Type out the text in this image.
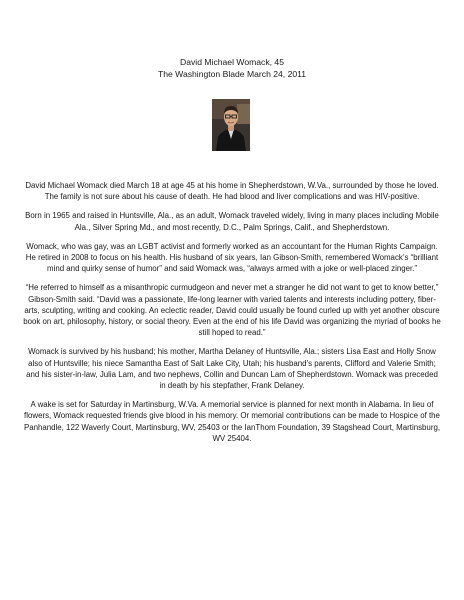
David Michael Womack, 45
The Washington Blade March 24, 2011

David Michael Womack died March 18 at age 45 at his home in Shepherdstown, W.Va., surrounded by those he loved. The family is not sure about his cause of death. He had blood and liver complications and was HIV-positive.

Born in 1965 and raised in Huntsville, Ala., as an adult, Womack traveled widely, living in many places including Mobile Ala., Silver Spring Md., and most recently, D.C., Palm Springs, Calif., and Shepherdstown.

Womack, who was gay, was an LGBT activist and formerly worked as an accountant for the Human Rights Campaign. He retired in 2008 to focus on his health. His husband of six years, Ian Gibson-Smith, remembered Womack’s “brilliant mind and quirky sense of humor” and said Womack was, “always armed with a joke or well-placed zinger.”

“He referred to himself as a misanthropic curmudgeon and never met a stranger he did not want to get to know better,” Gibson-Smith said. “David was a passionate, life-long learner with varied talents and interests including pottery, fiber-arts, sculpting, writing and cooking. An eclectic reader, David could usually be found curled up with yet another obscure book on art, philosophy, history, or social theory. Even at the end of his life David was organizing the myriad of books he still hoped to read.”

Womack is survived by his husband; his mother, Martha Delaney of Huntsville, Ala.; sisters Lisa East and Holly Snow also of Huntsville; his niece Samantha East of Salt Lake City, Utah; his husband’s parents, Clifford and Valerie Smith; and his sister-in-law, Julia Lam, and two nephews, Collin and Duncan Lam of Shepherdstown. Womack was preceded in death by his stepfather, Frank Delaney.

A wake is set for Saturday in Martinsburg, W.Va. A memorial service is planned for next month in Alabama. In lieu of flowers, Womack requested friends give blood in his memory. Or memorial contributions can be made to Hospice of the Panhandle, 122 Waverly Court, Martinsburg, WV, 25403 or the IanThom Foundation, 39 Stagshead Court, Martinsburg, WV 25404.
